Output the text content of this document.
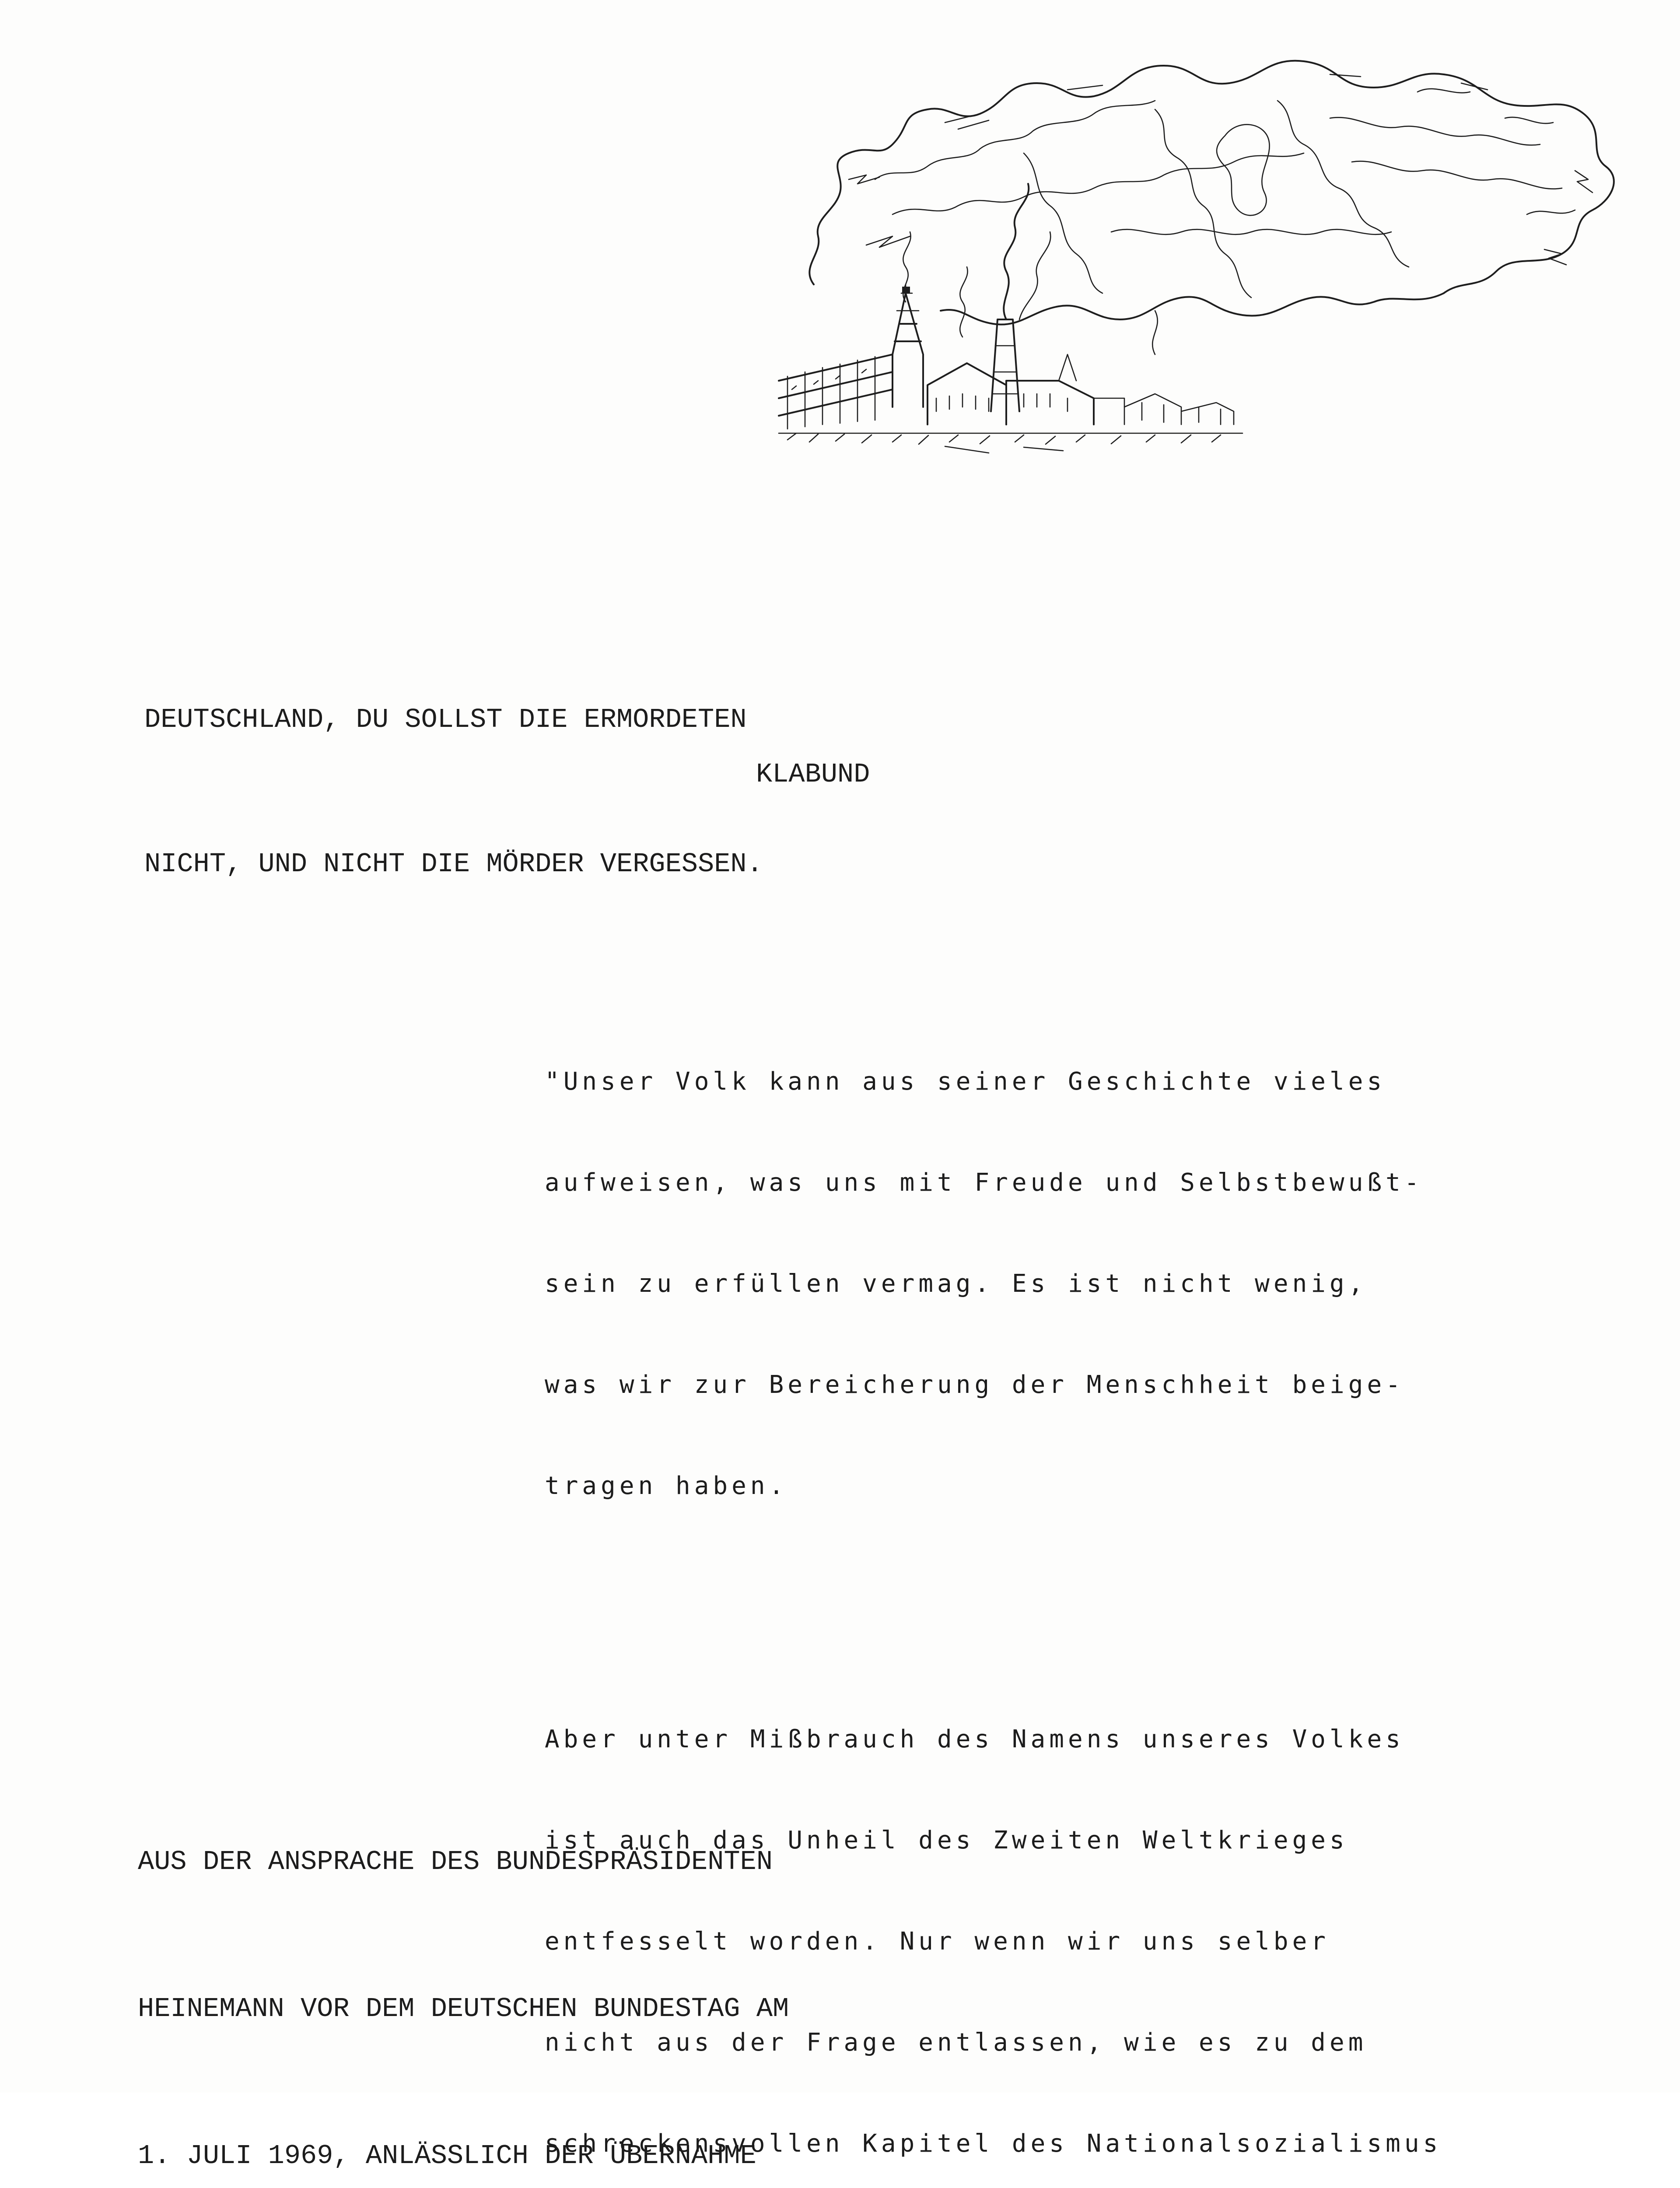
DEUTSCHLAND, DU SOLLST DIE ERMORDETEN

NICHT, UND NICHT DIE MÖRDER VERGESSEN.

KLABUND

"Unser Volk kann aus seiner Geschichte vieles

aufweisen, was uns mit Freude und Selbstbewußt-

sein zu erfüllen vermag. Es ist nicht wenig,

was wir zur Bereicherung der Menschheit beige-

tragen haben.

Aber unter Mißbrauch des Namens unseres Volkes

ist auch das Unheil des Zweiten Weltkrieges

entfesselt worden. Nur wenn wir uns selber

nicht aus der Frage entlassen, wie es zu dem

schreckensvollen Kapitel des Nationalsozialismus

AUS DER ANSPRACHE DES BUNDESPRÄSIDENTEN

HEINEMANN VOR DEM DEUTSCHEN BUNDESTAG AM

1. JULI 1969, ANLÄSSLICH DER ÜBERNAHME
